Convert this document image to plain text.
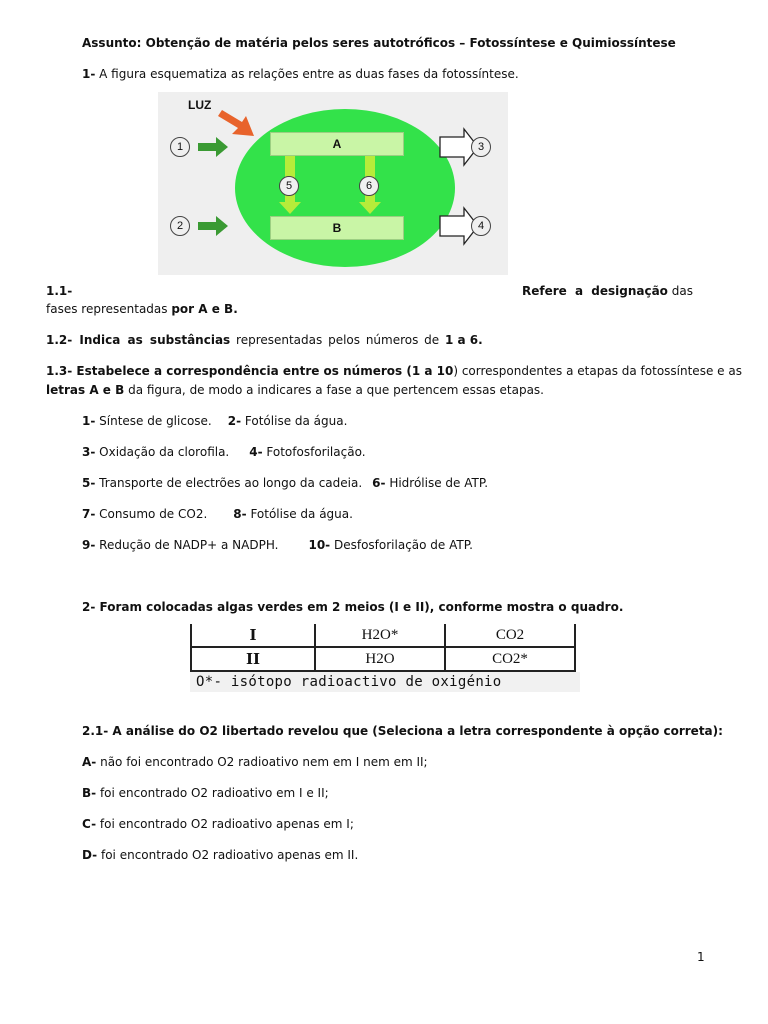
Assunto: Obtenção de matéria pelos seres autotróficos – Fotossíntese e Quimiossíntese
1- A figura esquematiza as relações entre as duas fases da fotossíntese.
LUZ
A
B
1
2
3
4
5	6
1.1-	Refere a designação das
fases representadas por A e B.
1.2- Indica as substâncias representadas pelos números de 1 a 6.
1.3- Estabelece a correspondência entre os números (1 a 10) correspondentes a etapas da fotossíntese e as
letras A e B da figura, de modo a indicares a fase a que pertencem essas etapas.
1- Síntese de glicose. 2- Fotólise da água.
3- Oxidação da clorofila. 4- Fotofosforilação.
5- Transporte de electrões ao longo da cadeia. 6- Hidrólise de ATP.
7- Consumo de CO2. 8- Fotólise da água.
9- Redução de NADP+ a NADPH.	10- Desfosforilação de ATP.
2- Foram colocadas algas verdes em 2 meios (I e II), conforme mostra o quadro.
I	H2O*	CO2
II	H2O	CO2*
O*- isótopo radioactivo de oxigénio
2.1- A análise do O2 libertado revelou que (Seleciona a letra correspondente à opção correta):
A- não foi encontrado O2 radioativo nem em I nem em II;
B- foi encontrado O2 radioativo em I e II;
C- foi encontrado O2 radioativo apenas em I;
D- foi encontrado O2 radioativo apenas em II.
1
